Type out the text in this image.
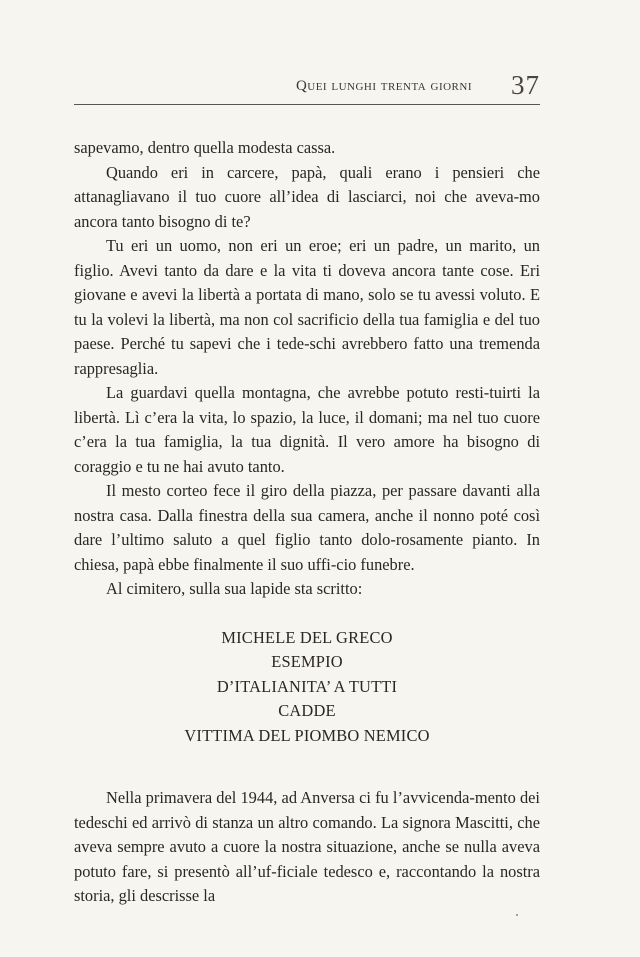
Quei lunghi trenta giorni 37

sapevamo, dentro quella modesta cassa.

Quando eri in carcere, papà, quali erano i pensieri che attanagliavano il tuo cuore all’idea di lasciarci, noi che aveva-mo ancora tanto bisogno di te?

Tu eri un uomo, non eri un eroe; eri un padre, un marito, un figlio. Avevi tanto da dare e la vita ti doveva ancora tante cose. Eri giovane e avevi la libertà a portata di mano, solo se tu avessi voluto. E tu la volevi la libertà, ma non col sacrificio della tua famiglia e del tuo paese. Perché tu sapevi che i tede-schi avrebbero fatto una tremenda rappresaglia.

La guardavi quella montagna, che avrebbe potuto resti-tuirti la libertà. Lì c’era la vita, lo spazio, la luce, il domani; ma nel tuo cuore c’era la tua famiglia, la tua dignità. Il vero amore ha bisogno di coraggio e tu ne hai avuto tanto.

Il mesto corteo fece il giro della piazza, per passare davanti alla nostra casa. Dalla finestra della sua camera, anche il nonno poté così dare l’ultimo saluto a quel figlio tanto dolo-rosamente pianto. In chiesa, papà ebbe finalmente il suo uffi-cio funebre.

Al cimitero, sulla sua lapide sta scritto:

MICHELE DEL GRECO
ESEMPIO
D’ITALIANITA’ A TUTTI
CADDE
VITTIMA DEL PIOMBO NEMICO

Nella primavera del 1944, ad Anversa ci fu l’avvicenda-mento dei tedeschi ed arrivò di stanza un altro comando. La signora Mascitti, che aveva sempre avuto a cuore la nostra situazione, anche se nulla aveva potuto fare, si presentò all’uf-ficiale tedesco e, raccontando la nostra storia, gli descrisse la
